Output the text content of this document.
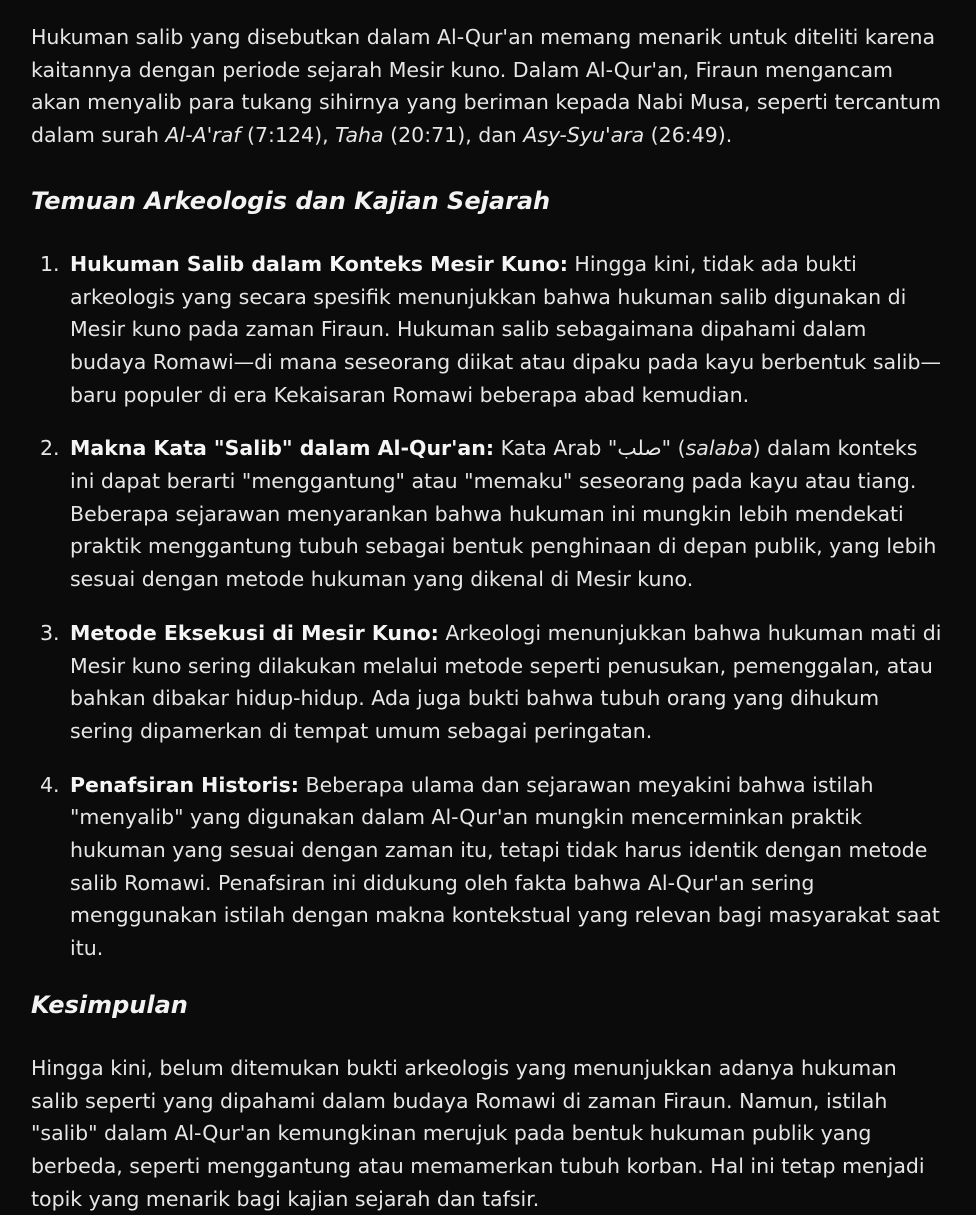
Hukuman salib yang disebutkan dalam Al-Qur'an memang menarik untuk diteliti karena kaitannya dengan periode sejarah Mesir kuno. Dalam Al-Qur'an, Firaun mengancam akan menyalib para tukang sihirnya yang beriman kepada Nabi Musa, seperti tercantum dalam surah Al-A'raf (7:124), Taha (20:71), dan Asy-Syu'ara (26:49).

Temuan Arkeologis dan Kajian Sejarah
1. Hukuman Salib dalam Konteks Mesir Kuno: Hingga kini, tidak ada bukti arkeologis yang secara spesifik menunjukkan bahwa hukuman salib digunakan di Mesir kuno pada zaman Firaun. Hukuman salib sebagaimana dipahami dalam budaya Romawi—di mana seseorang diikat atau dipaku pada kayu berbentuk salib—baru populer di era Kekaisaran Romawi beberapa abad kemudian.
2. Makna Kata "Salib" dalam Al-Qur'an: Kata Arab "صلب" (salaba) dalam konteks ini dapat berarti "menggantung" atau "memaku" seseorang pada kayu atau tiang. Beberapa sejarawan menyarankan bahwa hukuman ini mungkin lebih mendekati praktik menggantung tubuh sebagai bentuk penghinaan di depan publik, yang lebih sesuai dengan metode hukuman yang dikenal di Mesir kuno.
3. Metode Eksekusi di Mesir Kuno: Arkeologi menunjukkan bahwa hukuman mati di Mesir kuno sering dilakukan melalui metode seperti penusukan, pemenggalan, atau bahkan dibakar hidup-hidup. Ada juga bukti bahwa tubuh orang yang dihukum sering dipamerkan di tempat umum sebagai peringatan.
4. Penafsiran Historis: Beberapa ulama dan sejarawan meyakini bahwa istilah "menyalib" yang digunakan dalam Al-Qur'an mungkin mencerminkan praktik hukuman yang sesuai dengan zaman itu, tetapi tidak harus identik dengan metode salib Romawi. Penafsiran ini didukung oleh fakta bahwa Al-Qur'an sering menggunakan istilah dengan makna kontekstual yang relevan bagi masyarakat saat itu.
Kesimpulan

Hingga kini, belum ditemukan bukti arkeologis yang menunjukkan adanya hukuman salib seperti yang dipahami dalam budaya Romawi di zaman Firaun. Namun, istilah "salib" dalam Al-Qur'an kemungkinan merujuk pada bentuk hukuman publik yang berbeda, seperti menggantung atau memamerkan tubuh korban. Hal ini tetap menjadi topik yang menarik bagi kajian sejarah dan tafsir.
